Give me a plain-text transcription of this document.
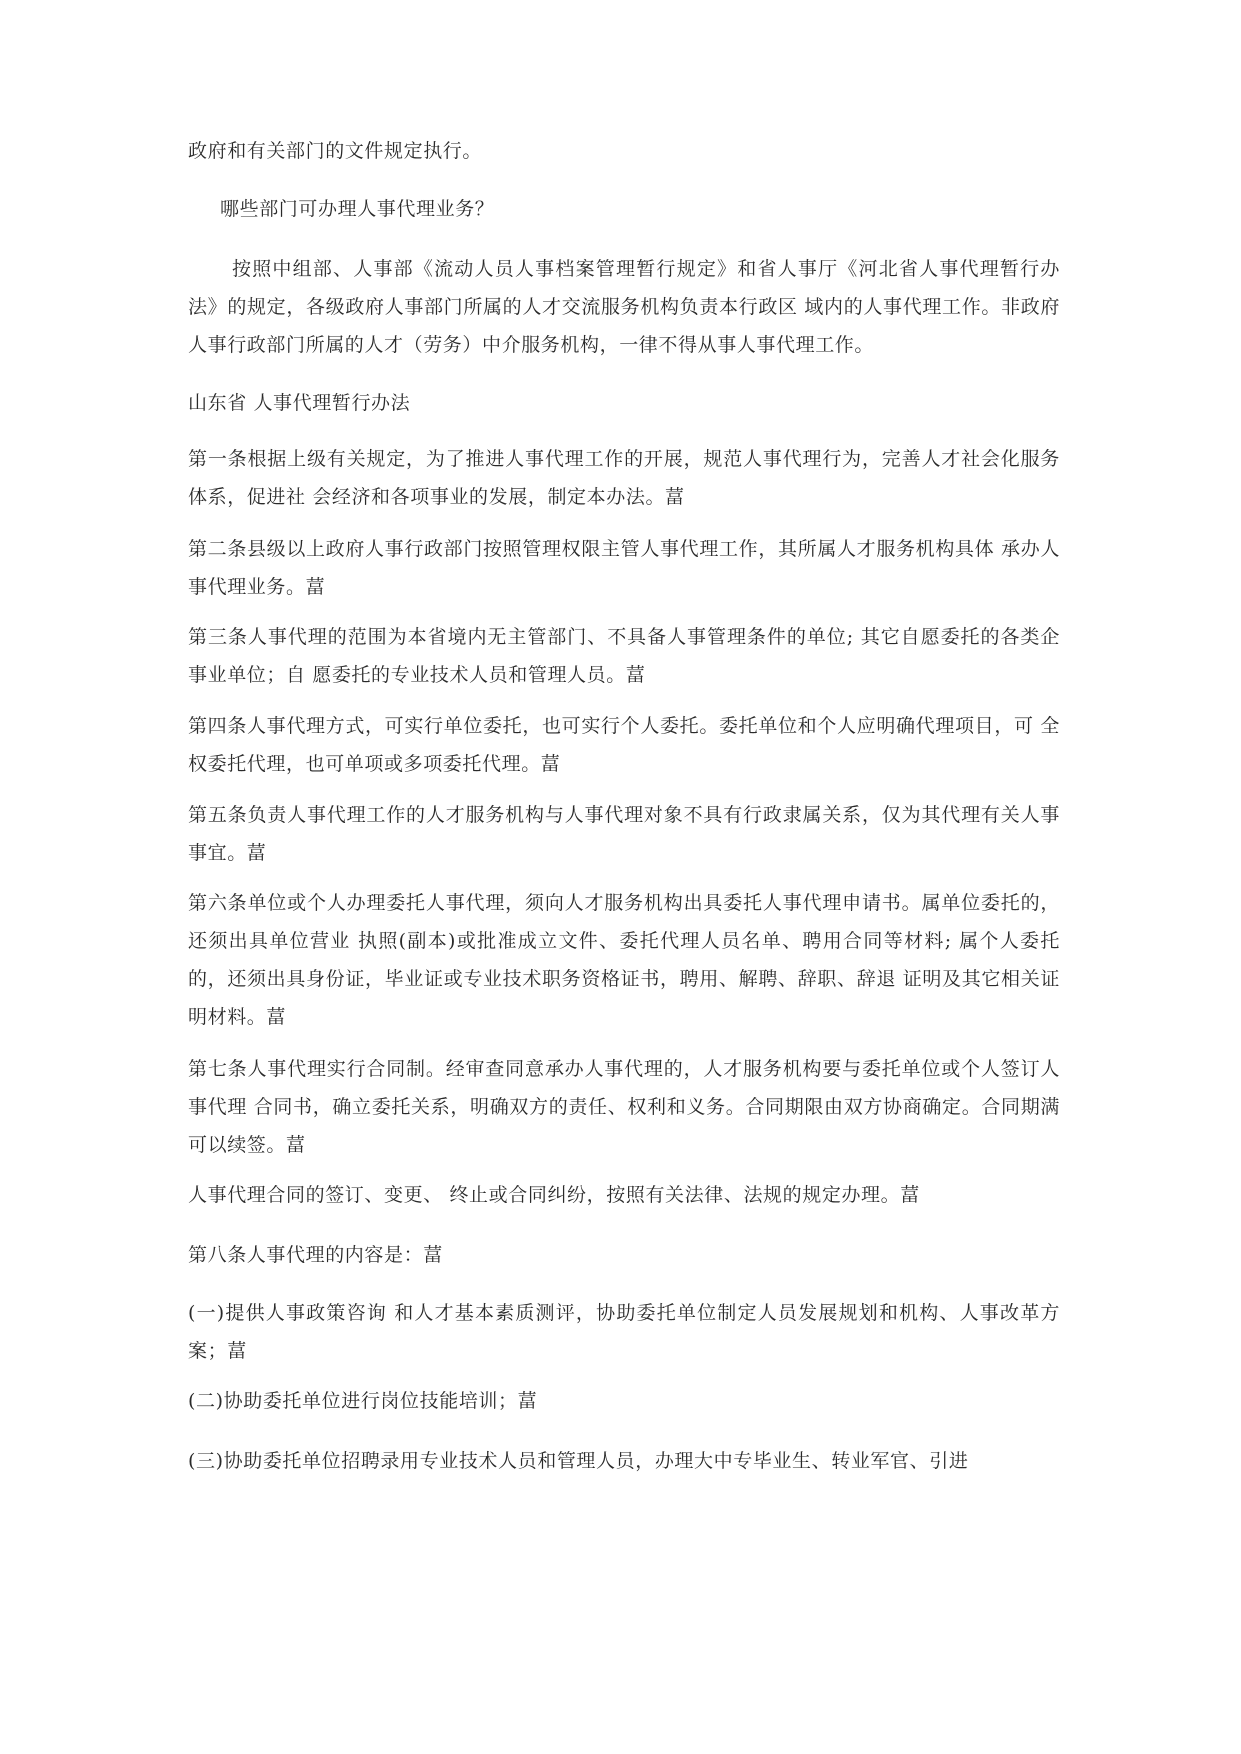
政府和有关部门的文件规定执行。

哪些部门可办理人事代理业务？

按照中组部、人事部《流动人员人事档案管理暂行规定》和省人事厅《河北省人事代理暂行办法》的规定，各级政府人事部门所属的人才交流服务机构负责本行政区 域内的人事代理工作。非政府人事行政部门所属的人才（劳务）中介服务机构，一律不得从事人事代理工作。

山东省 人事代理暂行办法

第一条根据上级有关规定，为了推进人事代理工作的开展，规范人事代理行为，完善人才社会化服务体系，促进社 会经济和各项事业的发展，制定本办法。葍

第二条县级以上政府人事行政部门按照管理权限主管人事代理工作，其所属人才服务机构具体 承办人事代理业务。葍

第三条人事代理的范围为本省境内无主管部门、不具备人事管理条件的单位; 其它自愿委托的各类企事业单位；自 愿委托的专业技术人员和管理人员。葍

第四条人事代理方式，可实行单位委托，也可实行个人委托。委托单位和个人应明确代理项目，可 全权委托代理，也可单项或多项委托代理。葍

第五条负责人事代理工作的人才服务机构与人事代理对象不具有行政隶属关系，仅为其代理有关人事事宜。葍

第六条单位或个人办理委托人事代理，须向人才服务机构出具委托人事代理申请书。属单位委托的，还须出具单位营业 执照(副本)或批准成立文件、委托代理人员名单、聘用合同等材料; 属个人委托的，还须出具身份证，毕业证或专业技术职务资格证书，聘用、解聘、辞职、辞退 证明及其它相关证明材料。葍

第七条人事代理实行合同制。经审查同意承办人事代理的，人才服务机构要与委托单位或个人签订人事代理 合同书，确立委托关系，明确双方的责任、权利和义务。合同期限由双方协商确定。合同期满可以续签。葍

人事代理合同的签订、变更、 终止或合同纠纷，按照有关法律、法规的规定办理。葍

第八条人事代理的内容是：葍

(一)提供人事政策咨询 和人才基本素质测评，协助委托单位制定人员发展规划和机构、人事改革方案；葍

(二)协助委托单位进行岗位技能培训；葍

(三)协助委托单位招聘录用专业技术人员和管理人员，办理大中专毕业生、转业军官、引进
